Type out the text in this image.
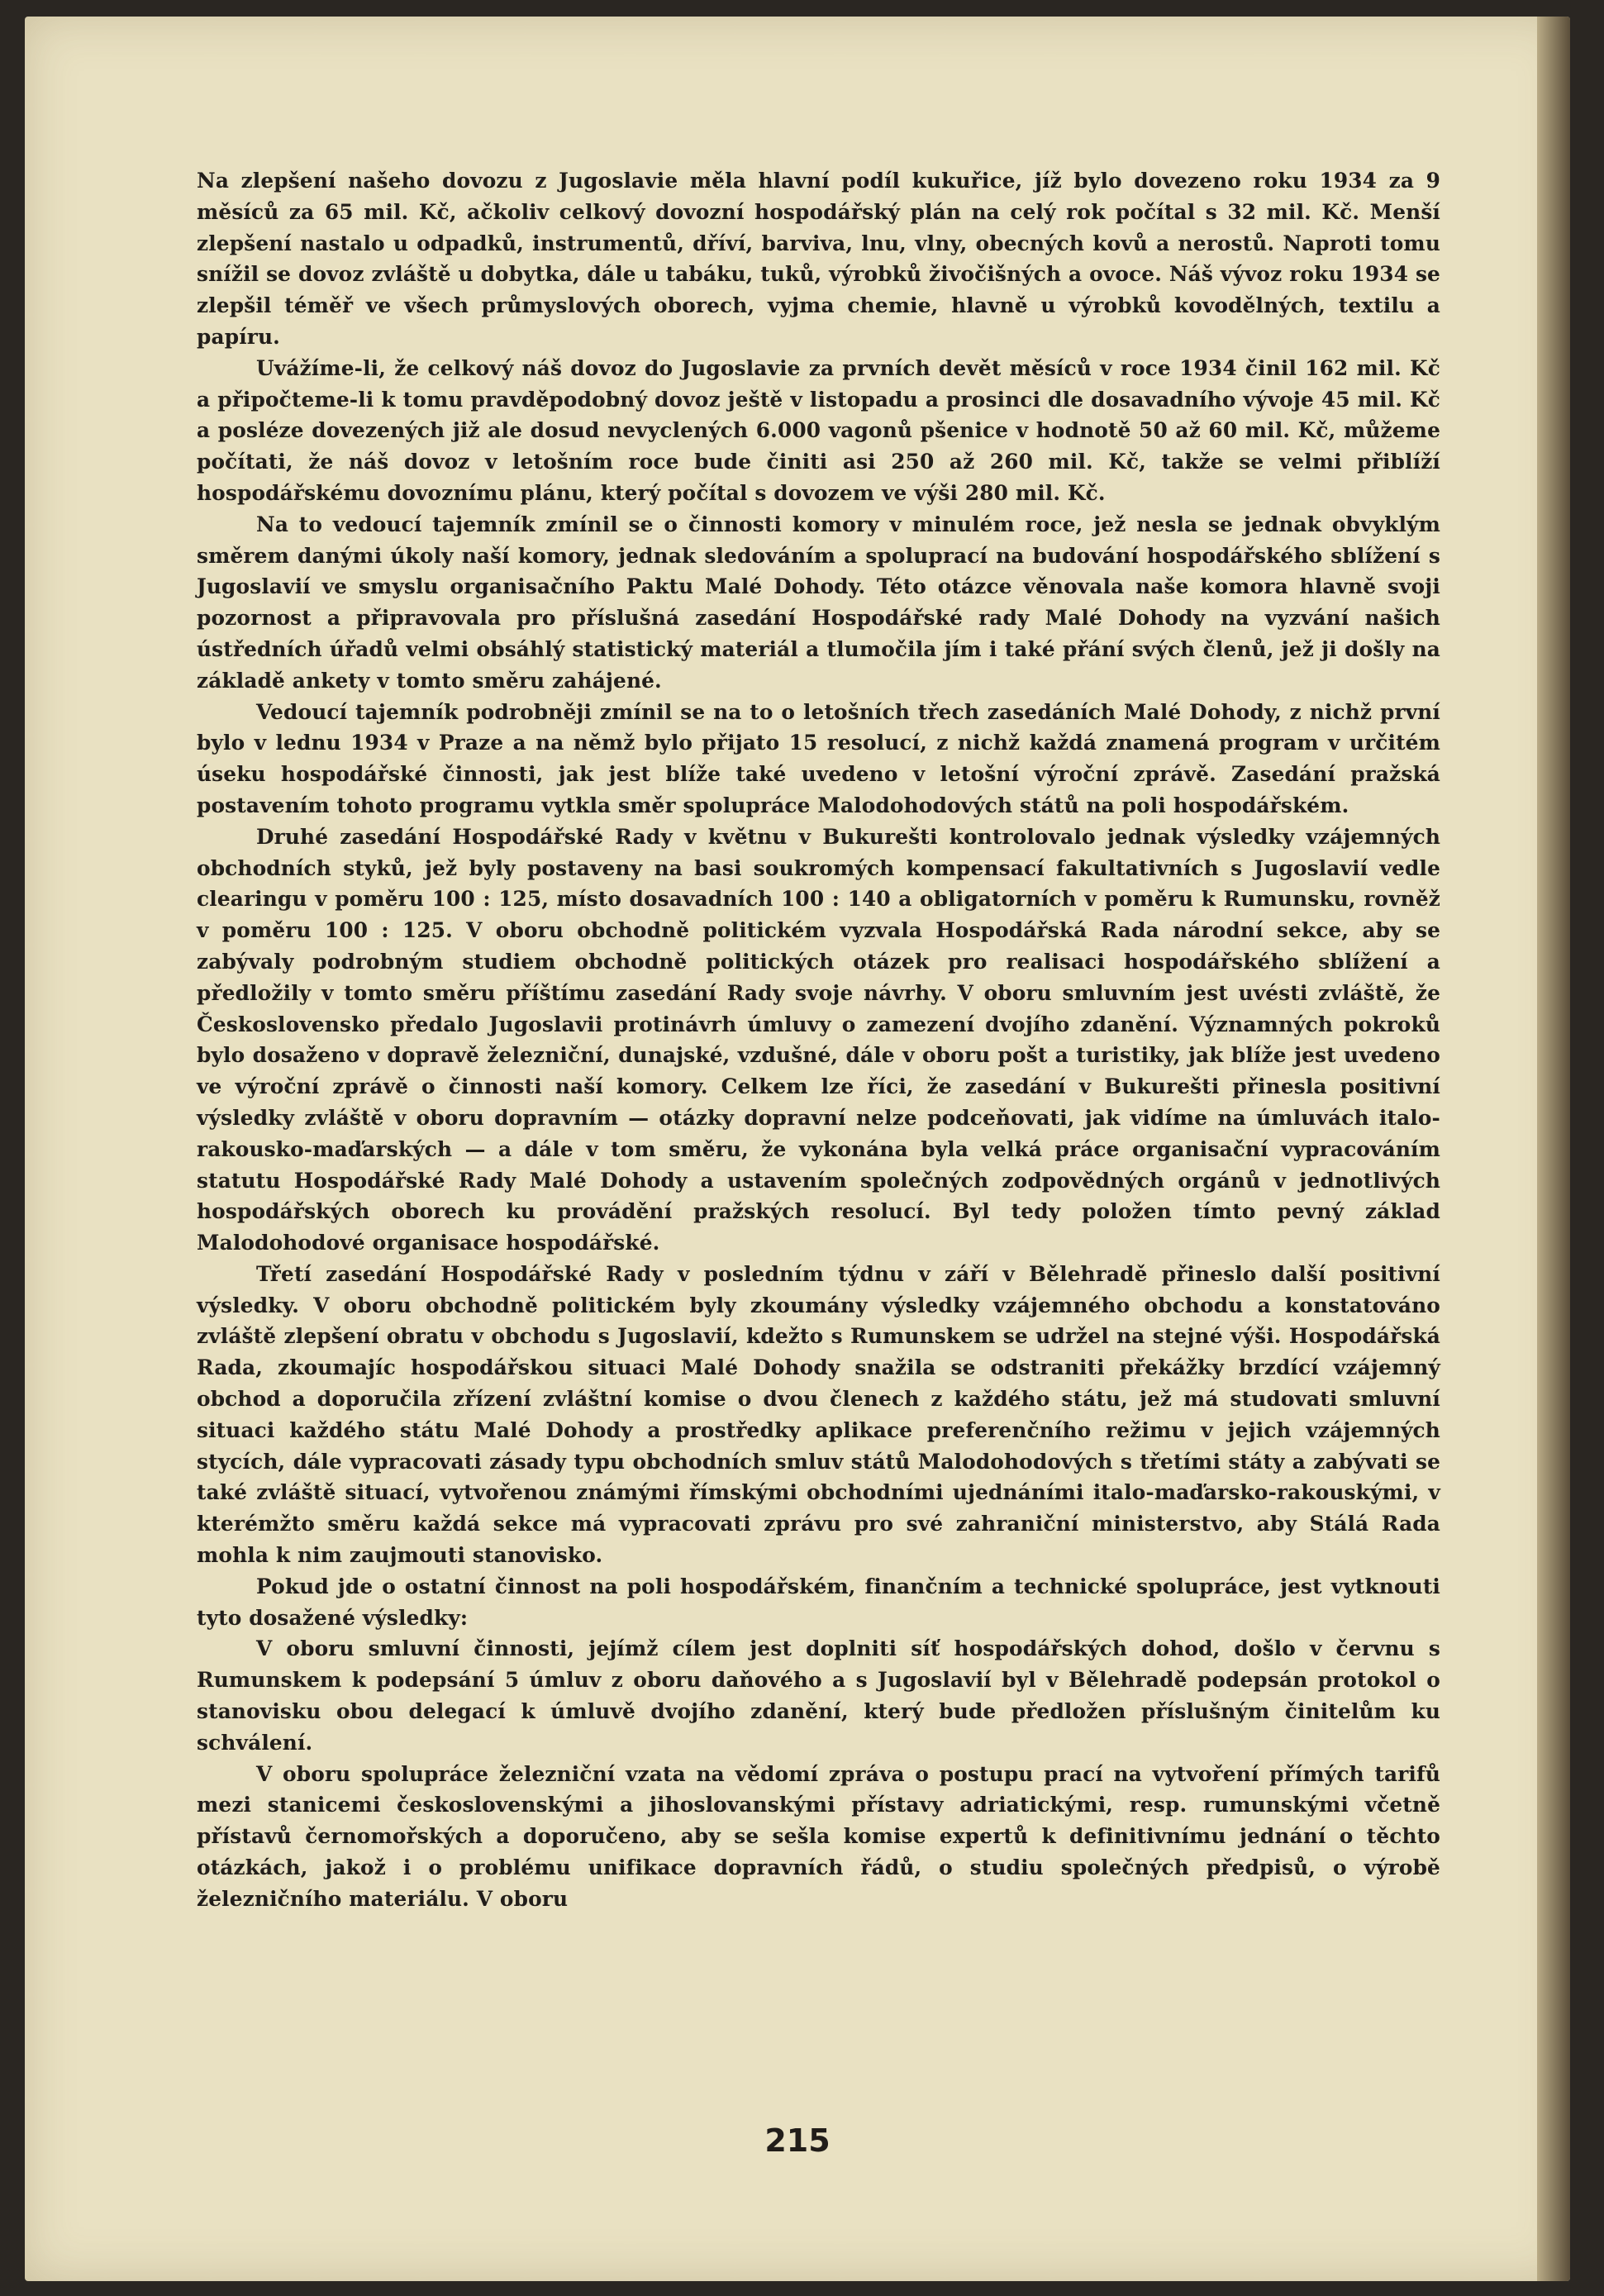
Na zlepšení našeho dovozu z Jugoslavie měla hlavní podíl kukuřice, jíž bylo dovezeno roku 1934 za 9 měsíců za 65 mil. Kč, ačkoliv celkový dovozní hospodářský plán na celý rok počítal s 32 mil. Kč. Menší zlepšení nastalo u odpadků, instrumentů, dříví, barviva, lnu, vlny, obecných kovů a nerostů. Naproti tomu snížil se dovoz zvláště u dobytka, dále u tabáku, tuků, výrobků živočišných a ovoce. Náš vývoz roku 1934 se zlepšil téměř ve všech průmyslových oborech, vyjma chemie, hlavně u výrobků kovodělných, textilu a papíru.

Uvážíme-li, že celkový náš dovoz do Jugoslavie za prvních devět měsíců v roce 1934 činil 162 mil. Kč a připočteme-li k tomu pravděpodobný dovoz ještě v listopadu a prosinci dle dosavadního vývoje 45 mil. Kč a posléze dovezených již ale dosud nevyclených 6.000 vagonů pšenice v hodnotě 50 až 60 mil. Kč, můžeme počítati, že náš dovoz v letošním roce bude činiti asi 250 až 260 mil. Kč, takže se velmi přiblíží hospodářskému dovoznímu plánu, který počítal s dovozem ve výši 280 mil. Kč.

Na to vedoucí tajemník zmínil se o činnosti komory v minulém roce, jež nesla se jednak obvyklým směrem danými úkoly naší komory, jednak sledováním a spoluprací na budování hospodářského sblížení s Jugoslavií ve smyslu organisačního Paktu Malé Dohody. Této otázce věnovala naše komora hlavně svoji pozornost a připravovala pro příslušná zasedání Hospodářské rady Malé Dohody na vyzvání našich ústředních úřadů velmi obsáhlý statistický materiál a tlumočila jím i také přání svých členů, jež ji došly na základě ankety v tomto směru zahájené.

Vedoucí tajemník podrobněji zmínil se na to o letošních třech zasedáních Malé Dohody, z nichž první bylo v lednu 1934 v Praze a na němž bylo přijato 15 resolucí, z nichž každá znamená program v určitém úseku hospodářské činnosti, jak jest blíže také uvedeno v letošní výroční zprávě. Zasedání pražská postavením tohoto programu vytkla směr spolupráce Malodohodových států na poli hospodářském.

Druhé zasedání Hospodářské Rady v květnu v Bukurešti kontrolovalo jednak výsledky vzájemných obchodních styků, jež byly postaveny na basi soukromých kompensací fakultativních s Jugoslavií vedle clearingu v poměru 100 : 125, místo dosavadních 100 : 140 a obligatorních v poměru k Rumunsku, rovněž v poměru 100 : 125. V oboru obchodně politickém vyzvala Hospodářská Rada národní sekce, aby se zabývaly podrobným studiem obchodně politických otázek pro realisaci hospodářského sblížení a předložily v tomto směru příštímu zasedání Rady svoje návrhy. V oboru smluvním jest uvésti zvláště, že Československo předalo Jugoslavii protinávrh úmluvy o zamezení dvojího zdanění. Významných pokroků bylo dosaženo v dopravě železniční, dunajské, vzdušné, dále v oboru pošt a turistiky, jak blíže jest uvedeno ve výroční zprávě o činnosti naší komory. Celkem lze říci, že zasedání v Bukurešti přinesla positivní výsledky zvláště v oboru dopravním — otázky dopravní nelze podceňovati, jak vidíme na úmluvách italo-rakousko-maďarských — a dále v tom směru, že vykonána byla velká práce organisační vypracováním statutu Hospodářské Rady Malé Dohody a ustavením společných zodpovědných orgánů v jednotlivých hospodářských oborech ku provádění pražských resolucí. Byl tedy položen tímto pevný základ Malodohodové organisace hospodářské.

Třetí zasedání Hospodářské Rady v posledním týdnu v září v Bělehradě přineslo další positivní výsledky. V oboru obchodně politickém byly zkoumány výsledky vzájemného obchodu a konstatováno zvláště zlepšení obratu v obchodu s Jugoslavií, kdežto s Rumunskem se udržel na stejné výši. Hospodářská Rada, zkoumajíc hospodářskou situaci Malé Dohody snažila se odstraniti překážky brzdící vzájemný obchod a doporučila zřízení zvláštní komise o dvou členech z každého státu, jež má studovati smluvní situaci každého státu Malé Dohody a prostředky aplikace preferenčního režimu v jejich vzájemných stycích, dále vypracovati zásady typu obchodních smluv států Malodohodových s třetími státy a zabývati se také zvláště situací, vytvořenou známými římskými obchodními ujednáními italo-maďarsko-rakouskými, v kterémžto směru každá sekce má vypracovati zprávu pro své zahraniční ministerstvo, aby Stálá Rada mohla k nim zaujmouti stanovisko.

Pokud jde o ostatní činnost na poli hospodářském, finančním a technické spolupráce, jest vytknouti tyto dosažené výsledky:

V oboru smluvní činnosti, jejímž cílem jest doplniti síť hospodářských dohod, došlo v červnu s Rumunskem k podepsání 5 úmluv z oboru daňového a s Jugoslavií byl v Bělehradě podepsán protokol o stanovisku obou delegací k úmluvě dvojího zdanění, který bude předložen příslušným činitelům ku schválení.

V oboru spolupráce železniční vzata na vědomí zpráva o postupu prací na vytvoření přímých tarifů mezi stanicemi československými a jihoslovanskými přístavy adriatickými, resp. rumunskými včetně přístavů černomořských a doporučeno, aby se sešla komise expertů k definitivnímu jednání o těchto otázkách, jakož i o problému unifikace dopravních řádů, o studiu společných předpisů, o výrobě železničního materiálu. V oboru

215
